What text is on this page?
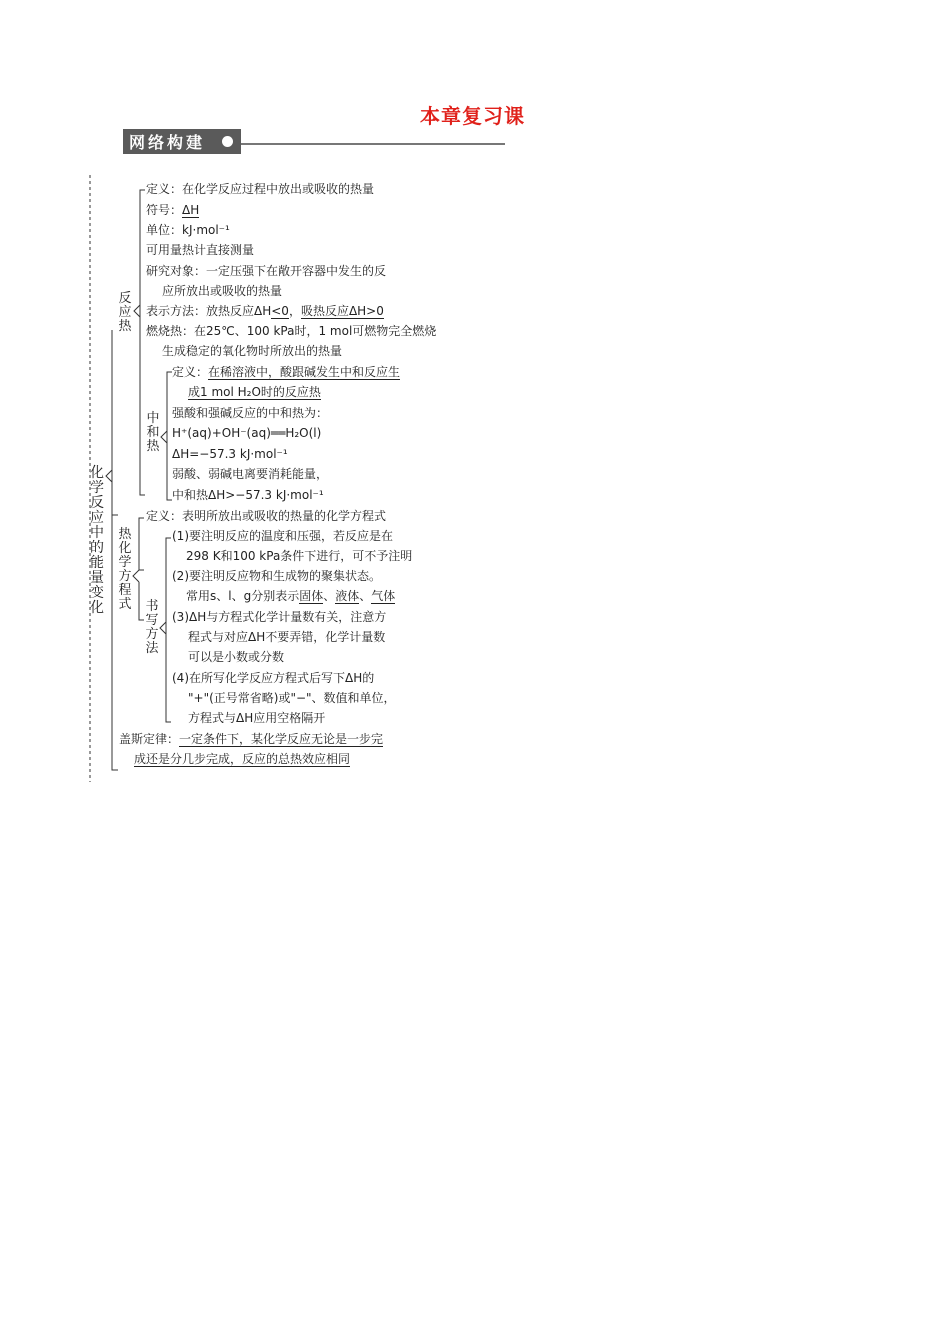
本章复习课
网络构建
化学反应中的能量变化
反应热
中和热
热化学方程式 书写方法
定义：在化学反应过程中放出或吸收的热量
符号：ΔH
单位：kJ·mol⁻¹
可用量热计直接测量
研究对象：一定压强下在敞开容器中发生的反
应所放出或吸收的热量
表示方法：放热反应ΔH<0，吸热反应ΔH>0
燃烧热：在25℃、100 kPa时，1 mol可燃物完全燃烧
生成稳定的氧化物时所放出的热量
定义：在稀溶液中，酸跟碱发生中和反应生
成1 mol H₂O时的反应热
强酸和强碱反应的中和热为：
H⁺(aq)+OH⁻(aq)══H₂O(l)
ΔH=−57.3 kJ·mol⁻¹
弱酸、弱碱电离要消耗能量，
中和热ΔH>−57.3 kJ·mol⁻¹
定义：表明所放出或吸收的热量的化学方程式
(1)要注明反应的温度和压强，若反应是在
298 K和100 kPa条件下进行，可不予注明
(2)要注明反应物和生成物的聚集状态。
常用s、l、g分别表示固体、液体、气体
(3)ΔH与方程式化学计量数有关，注意方
程式与对应ΔH不要弄错，化学计量数
可以是小数或分数
(4)在所写化学反应方程式后写下ΔH的
"+"(正号常省略)或"−"、数值和单位，
方程式与ΔH应用空格隔开
盖斯定律：一定条件下，某化学反应无论是一步完
成还是分几步完成，反应的总热效应相同
